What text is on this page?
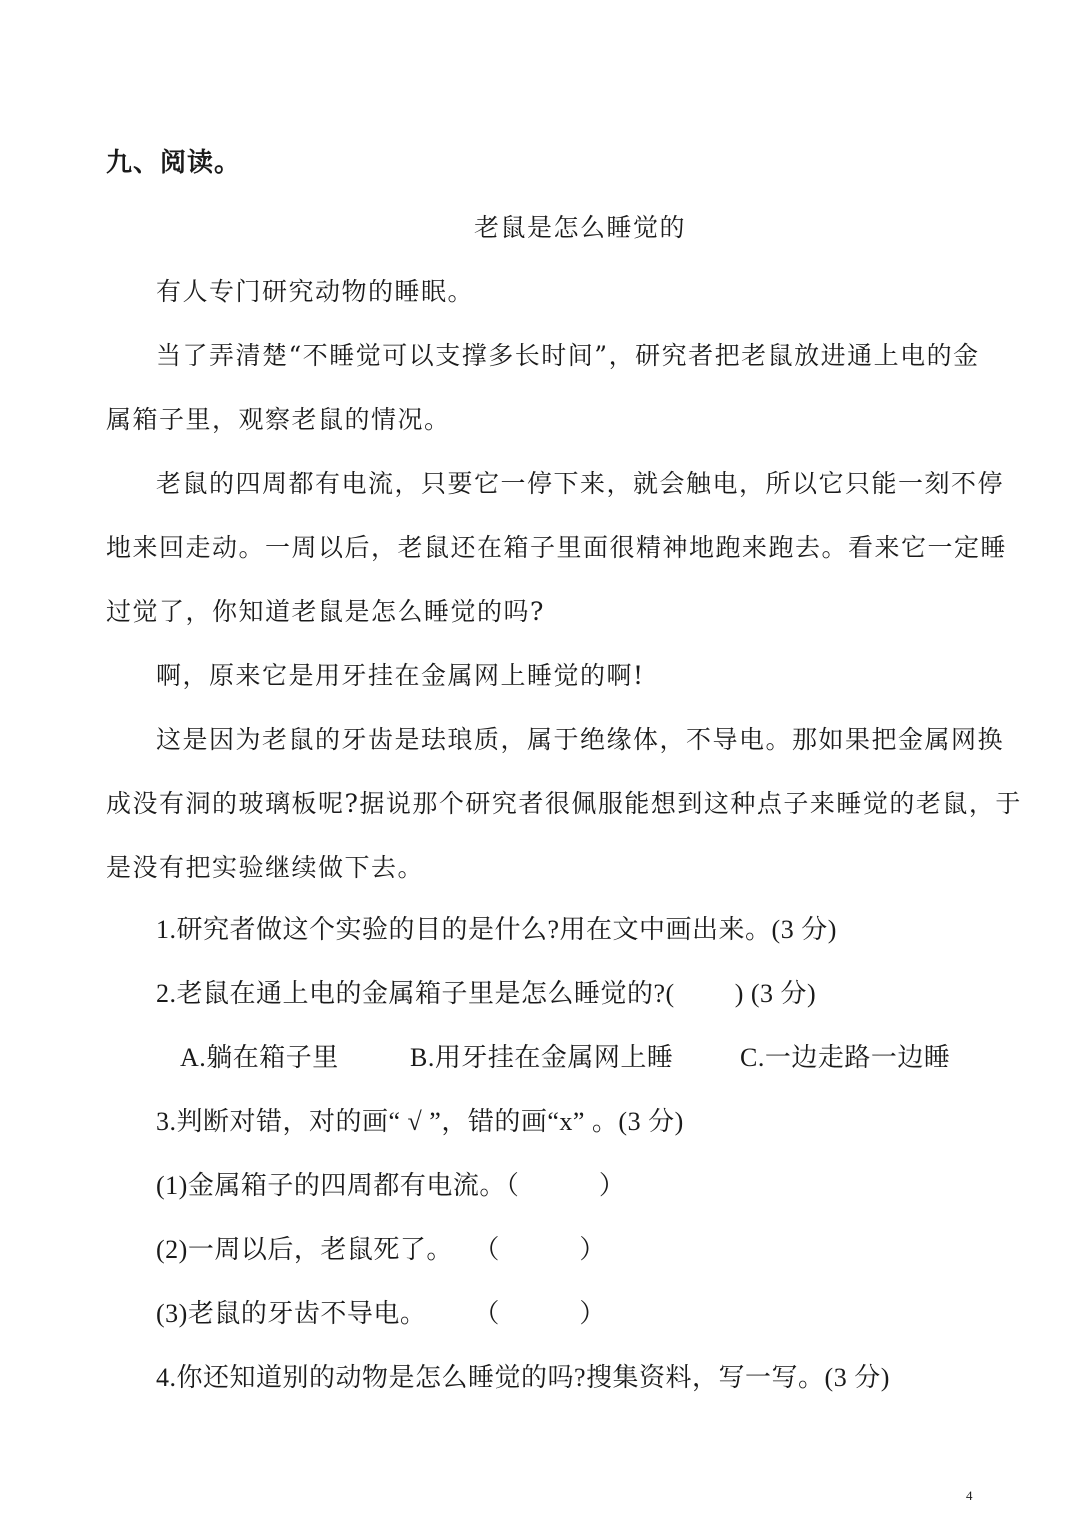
九、阅读。
老鼠是怎么睡觉的
有人专门研究动物的睡眠。
当了弄清楚“不睡觉可以支撑多长时间”，研究者把老鼠放进通上电的金
属箱子里，观察老鼠的情况。
老鼠的四周都有电流，只要它一停下来，就会触电，所以它只能一刻不停
地来回走动。一周以后，老鼠还在箱子里面很精神地跑来跑去。看来它一定睡
过觉了，你知道老鼠是怎么睡觉的吗?
啊，原来它是用牙挂在金属网上睡觉的啊!
这是因为老鼠的牙齿是珐琅质，属于绝缘体，不导电。那如果把金属网换
成没有洞的玻璃板呢?据说那个研究者很佩服能想到这种点子来睡觉的老鼠，于
是没有把实验继续做下去。
1.研究者做这个实验的目的是什么?用在文中画出来。(3 分)
2.老鼠在通上电的金属箱子里是怎么睡觉的?(　　 ) (3 分)
A.躺在箱子里	B.用牙挂在金属网上睡	C.一边走路一边睡
3.判断对错，对的画“ √ ”，错的画“x” 。(3 分)
(1)金属箱子的四周都有电流。（　　　）
(2)一周以后，老鼠死了。　 （　　　）
(3)老鼠的牙齿不导电。　　 （　　　）
4.你还知道别的动物是怎么睡觉的吗?搜集资料，写一写。(3 分)
4
